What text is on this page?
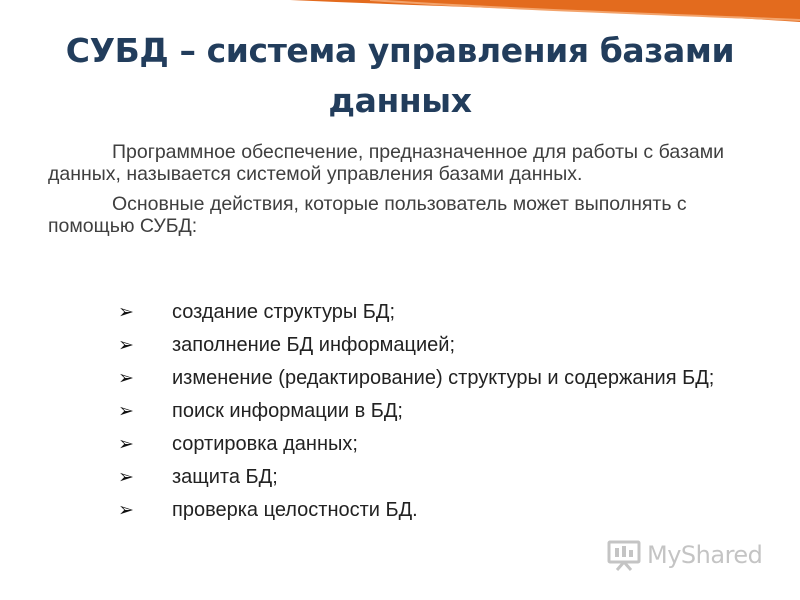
СУБД – система управления базами данных

Программное обеспечение, предназначенное для работы с базами данных, называется системой управления базами данных.

Основные действия, которые пользователь может выполнять с помощью СУБД:

➢ создание структуры БД;
➢ заполнение БД информацией;
➢ изменение (редактирование) структуры и содержания БД;
➢ поиск информации в БД;
➢ сортировка данных;
➢ защита БД;
➢ проверка целостности БД.
MyShared
